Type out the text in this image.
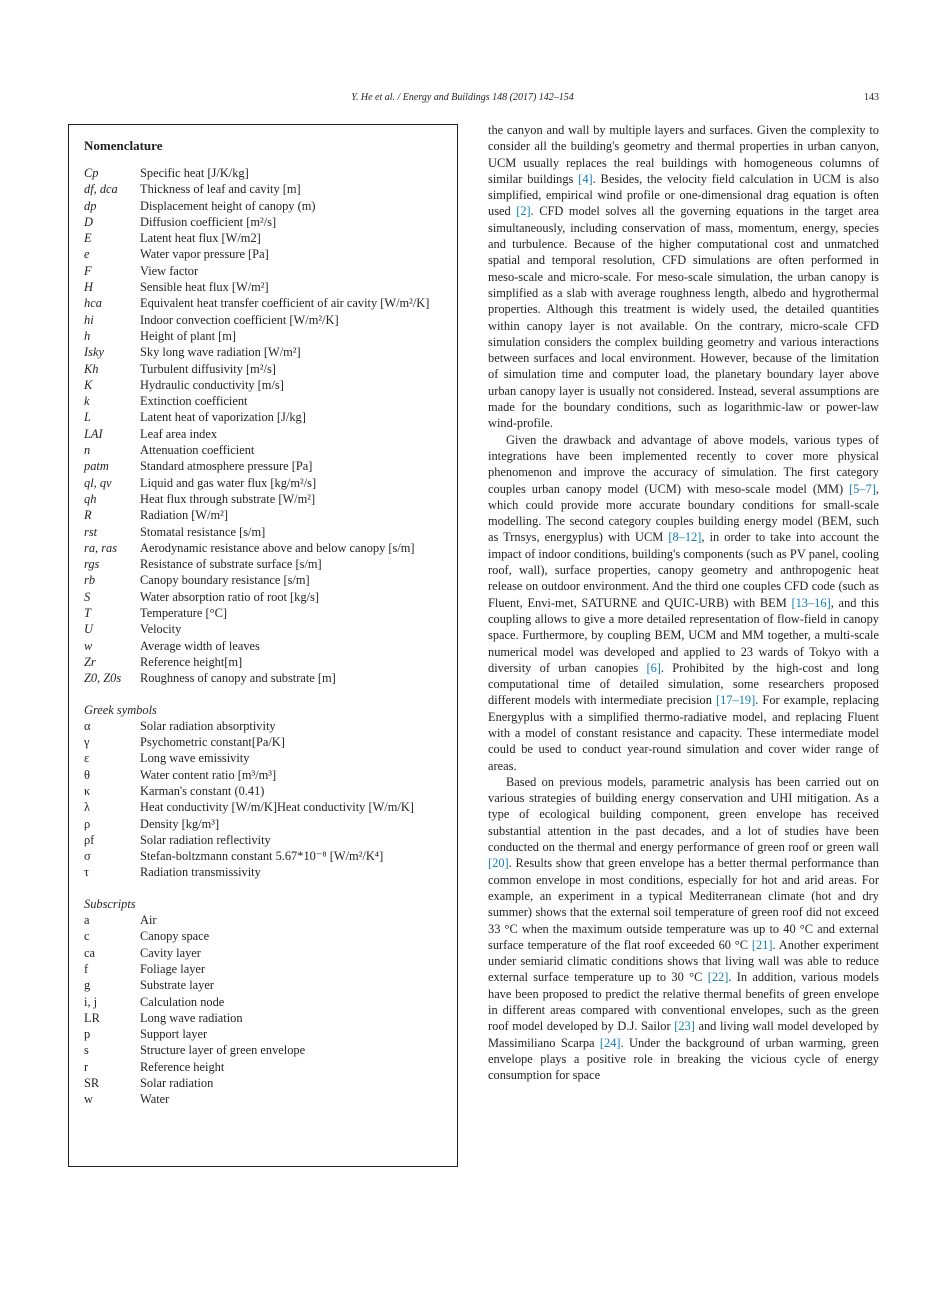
Y. He et al. / Energy and Buildings 148 (2017) 142–154	143
Nomenclature
Cp	Specific heat [J/K/kg]
df, dca	Thickness of leaf and cavity [m]
dp	Displacement height of canopy (m)
D	Diffusion coefficient [m²/s]
E	Latent heat flux [W/m2]
e	Water vapor pressure [Pa]
F	View factor
H	Sensible heat flux [W/m²]
hca	Equivalent heat transfer coefficient of air cavity [W/m²/K]
hi	Indoor convection coefficient [W/m²/K]
h	Height of plant [m]
Isky	Sky long wave radiation [W/m²]
Kh	Turbulent diffusivity [m²/s]
K	Hydraulic conductivity [m/s]
k	Extinction coefficient
L	Latent heat of vaporization [J/kg]
LAI	Leaf area index
n	Attenuation coefficient
patm	Standard atmosphere pressure [Pa]
ql, qv	Liquid and gas water flux [kg/m²/s]
qh	Heat flux through substrate [W/m²]
R	Radiation [W/m²]
rst	Stomatal resistance [s/m]
ra, ras	Aerodynamic resistance above and below canopy [s/m]
rgs	Resistance of substrate surface [s/m]
rb	Canopy boundary resistance [s/m]
S	Water absorption ratio of root [kg/s]
T	Temperature [°C]
U	Velocity
w	Average width of leaves
Zr	Reference height[m]
Z0, Z0s	Roughness of canopy and substrate [m]
Greek symbols
α	Solar radiation absorptivity
γ	Psychometric constant[Pa/K]
ε	Long wave emissivity
θ	Water content ratio [m³/m³]
κ	Karman's constant (0.41)
λ	Heat conductivity [W/m/K]Heat conductivity [W/m/K]
ρ	Density [kg/m³]
ρf	Solar radiation reflectivity
σ	Stefan-boltzmann constant 5.67*10⁻⁸ [W/m²/K⁴]
τ	Radiation transmissivity
Subscripts
a	Air
c	Canopy space
ca	Cavity layer
f	Foliage layer
g	Substrate layer
i, j	Calculation node
LR	Long wave radiation
p	Support layer
s	Structure layer of green envelope
r	Reference height
SR	Solar radiation
w	Water

the canyon and wall by multiple layers and surfaces. Given the complexity to consider all the building's geometry and thermal properties in urban canyon, UCM usually replaces the real buildings with homogeneous columns of similar buildings [4]. Besides, the velocity field calculation in UCM is also simplified, empirical wind profile or one-dimensional drag equation is often used [2]. CFD model solves all the governing equations in the target area simultaneously, including conservation of mass, momentum, energy, species and turbulence. Because of the higher computational cost and unmatched spatial and temporal resolution, CFD simulations are often performed in meso-scale and micro-scale. For meso-scale simulation, the urban canopy is simplified as a slab with average roughness length, albedo and hygrothermal properties. Although this treatment is widely used, the detailed quantities within canopy layer is not available. On the contrary, micro-scale CFD simulation considers the complex building geometry and various interactions between surfaces and local environment. However, because of the limitation of simulation time and computer load, the planetary boundary layer above urban canopy layer is usually not considered. Instead, several assumptions are made for the boundary conditions, such as logarithmic-law or power-law wind-profile.

Given the drawback and advantage of above models, various types of integrations have been implemented recently to cover more physical phenomenon and improve the accuracy of simulation. The first category couples urban canopy model (UCM) with meso-scale model (MM) [5–7], which could provide more accurate boundary conditions for small-scale modelling. The second category couples building energy model (BEM, such as Trnsys, energyplus) with UCM [8–12], in order to take into account the impact of indoor conditions, building's components (such as PV panel, cooling roof, wall), surface properties, canopy geometry and anthropogenic heat release on outdoor environment. And the third one couples CFD code (such as Fluent, Envi-met, SATURNE and QUIC-URB) with BEM [13–16], and this coupling allows to give a more detailed representation of flow-field in canopy space. Furthermore, by coupling BEM, UCM and MM together, a multi-scale numerical model was developed and applied to 23 wards of Tokyo with a diversity of urban canopies [6]. Prohibited by the high-cost and long computational time of detailed simulation, some researchers proposed different models with intermediate precision [17–19]. For example, replacing Energyplus with a simplified thermo-radiative model, and replacing Fluent with a model of constant resistance and capacity. These intermediate model could be used to conduct year-round simulation and cover wider range of areas.

Based on previous models, parametric analysis has been carried out on various strategies of building energy conservation and UHI mitigation. As a type of ecological building component, green envelope has received substantial attention in the past decades, and a lot of studies have been conducted on the thermal and energy performance of green roof or green wall [20]. Results show that green envelope has a better thermal performance than common envelope in most conditions, especially for hot and arid areas. For example, an experiment in a typical Mediterranean climate (hot and dry summer) shows that the external soil temperature of green roof did not exceed 33 °C when the maximum outside temperature was up to 40 °C and external surface temperature of the flat roof exceeded 60 °C [21]. Another experiment under semiarid climatic conditions shows that living wall was able to reduce external surface temperature up to 30 °C [22]. In addition, various models have been proposed to predict the relative thermal benefits of green envelope in different areas compared with conventional envelopes, such as the green roof model developed by D.J. Sailor [23] and living wall model developed by Massimiliano Scarpa [24]. Under the background of urban warming, green envelope plays a positive role in breaking the vicious cycle of energy consumption for space
